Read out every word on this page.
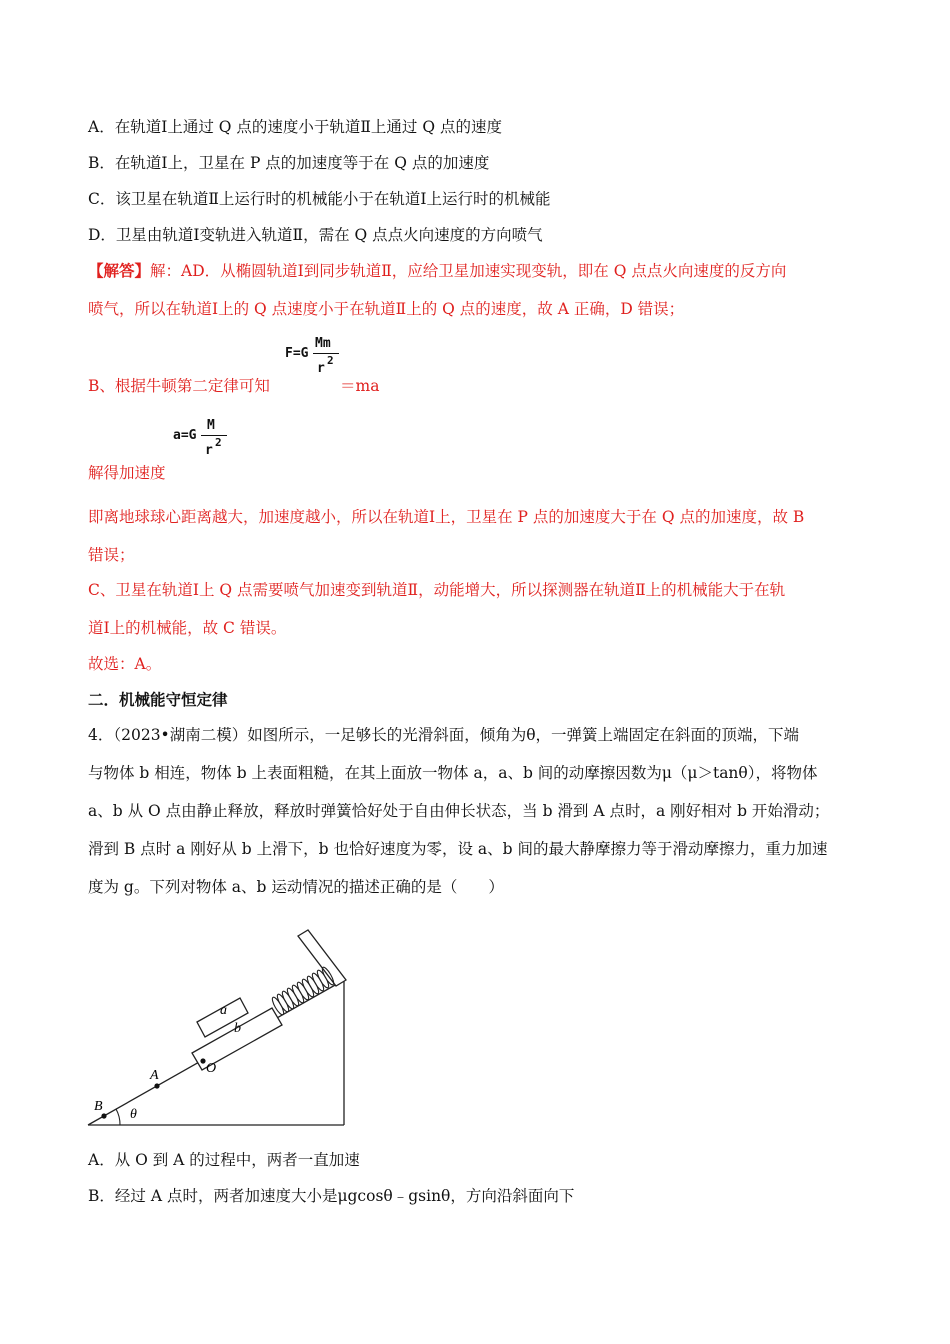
A．在轨道Ⅰ上通过 Q 点的速度小于轨道Ⅱ上通过 Q 点的速度
B．在轨道Ⅰ上，卫星在 P 点的加速度等于在 Q 点的加速度
C．该卫星在轨道Ⅱ上运行时的机械能小于在轨道Ⅰ上运行时的机械能
D．卫星由轨道Ⅰ变轨进入轨道Ⅱ，需在 Q 点点火向速度的方向喷气
【解答】解：AD．从椭圆轨道Ⅰ到同步轨道Ⅱ，应给卫星加速实现变轨，即在 Q 点点火向速度的反方向
喷气，所以在轨道Ⅰ上的 Q 点速度小于在轨道Ⅱ上的 Q 点的速度，故 A 正确，D 错误；
F=G
Mm
r
2
B、根据牛顿第二定律可知	＝ma
a=G
M
r
2
解得加速度
即离地球球心距离越大，加速度越小，所以在轨道Ⅰ上，卫星在 P 点的加速度大于在 Q 点的加速度，故 B
错误；
C、卫星在轨道Ⅰ上 Q 点需要喷气加速变到轨道Ⅱ，动能增大，所以探测器在轨道Ⅱ上的机械能大于在轨
道Ⅰ上的机械能，故 C 错误。
故选：A。
二．机械能守恒定律
4．（2023•湖南二模）如图所示，一足够长的光滑斜面，倾角为θ，一弹簧上端固定在斜面的顶端，下端
与物体 b 相连，物体 b 上表面粗糙，在其上面放一物体 a，a、b 间的动摩擦因数为μ（μ＞tanθ），将物体
a、b 从 O 点由静止释放，释放时弹簧恰好处于自由伸长状态，当 b 滑到 A 点时，a 刚好相对 b 开始滑动；
滑到 B 点时 a 刚好从 b 上滑下，b 也恰好速度为零，设 a、b 间的最大静摩擦力等于滑动摩擦力，重力加速
度为 g。下列对物体 a、b 运动情况的描述正确的是（　　）
a
b
O
A
B
θ
A．从 O 到 A 的过程中，两者一直加速
B．经过 A 点时，两者加速度大小是μgcosθ﹣gsinθ，方向沿斜面向下
